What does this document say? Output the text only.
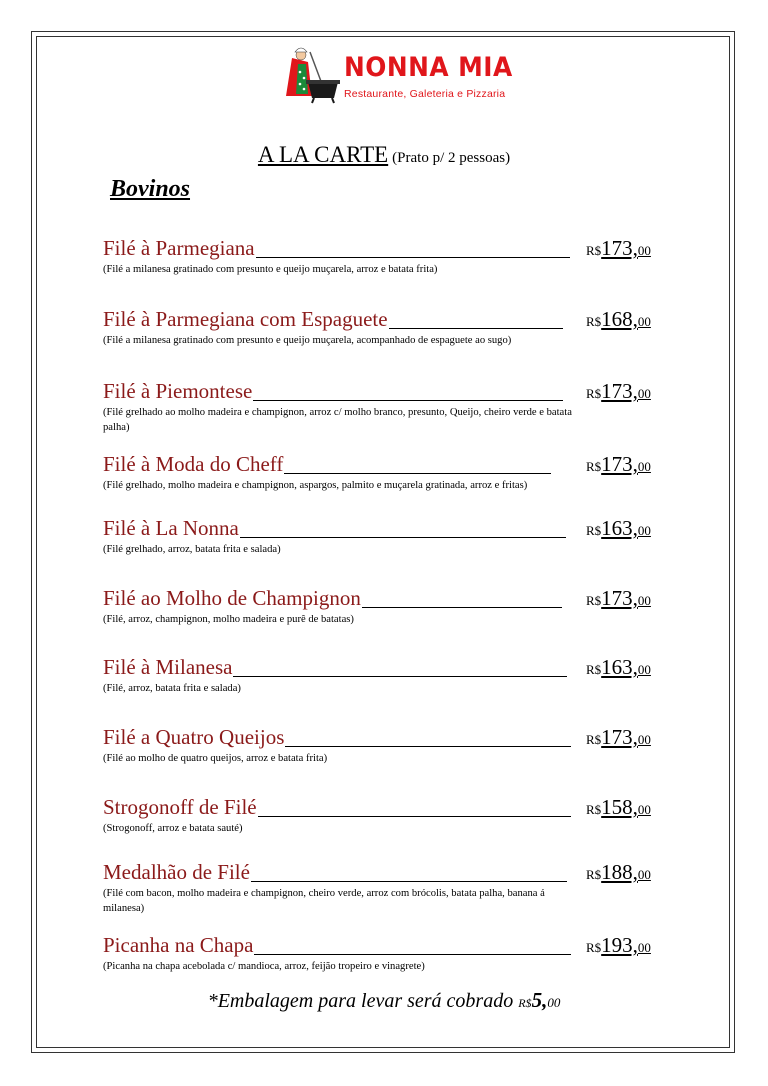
NONNA MIA
Restaurante, Galeteria e Pizzaria
A LA CARTE (Prato p/ 2 pessoas)
Bovinos
Filé à Parmegiana	R$173,00
(Filé a milanesa gratinado com presunto e queijo muçarela, arroz e batata frita)
Filé à Parmegiana com Espaguete	R$168,00
(Filé a milanesa gratinado com presunto e queijo muçarela, acompanhado de espaguete ao sugo)
Filé à Piemontese	R$173,00
(Filé grelhado ao molho madeira e champignon, arroz c/ molho branco, presunto, Queijo, cheiro verde e batata palha)
Filé à Moda do Cheff	R$173,00
(Filé grelhado, molho madeira e champignon, aspargos, palmito e muçarela gratinada, arroz e fritas)
Filé à La Nonna	R$163,00
(Filé grelhado, arroz, batata frita e salada)
Filé ao Molho de Champignon	R$173,00
(Filé, arroz, champignon, molho madeira e purê de batatas)
Filé à Milanesa	R$163,00
(Filé, arroz, batata frita e salada)
Filé a Quatro Queijos	R$173,00
(Filé ao molho de quatro queijos, arroz e batata frita)
Strogonoff de Filé	R$158,00
(Strogonoff, arroz e batata sauté)
Medalhão de Filé	R$188,00
(Filé com bacon, molho madeira e champignon, cheiro verde, arroz com brócolis, batata palha, banana á milanesa)
Picanha na Chapa	R$193,00
(Picanha na chapa acebolada c/ mandioca, arroz, feijão tropeiro e vinagrete)
*Embalagem para levar será cobrado R$5,00
